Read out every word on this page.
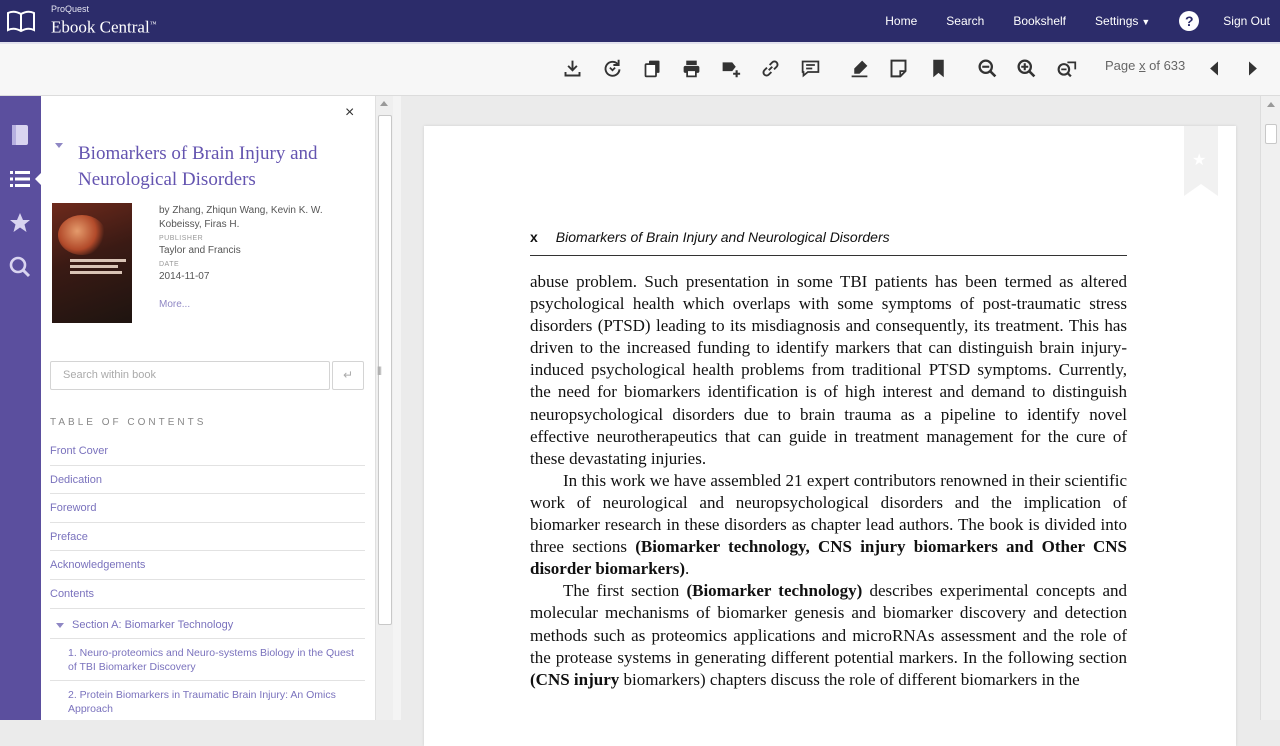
ProQuest
Ebook Central™	Home Search Bookshelf Settings ▼	?	Sign Out
Page x of 633
×
Biomarkers of Brain Injury and Neurological Disorders
by Zhang, Zhiqun Wang, Kevin K. W. Kobeissy, Firas H.
PUBLISHER
Taylor and Francis
DATE
2014-11-07
More...
Search within book	↵
TABLE OF CONTENTS
Front Cover
Dedication
Foreword
Preface
Acknowledgements
Contents
Section A: Biomarker Technology
1. Neuro-proteomics and Neuro-systems Biology in the Quest of TBI Biomarker Discovery
2. Protein Biomarkers in Traumatic Brain Injury: An Omics Approach
|||
★
x Biomarkers of Brain Injury and Neurological Disorders

abuse problem. Such presentation in some TBI patients has been termed as altered psychological health which overlaps with some symptoms of post-traumatic stress disorders (PTSD) leading to its misdiagnosis and consequently, its treatment. This has driven to the increased funding to identify markers that can distinguish brain injury-induced psychological health problems from traditional PTSD symptoms. Currently, the need for biomarkers identification is of high interest and demand to distinguish neuropsychological disorders due to brain trauma as a pipeline to identify novel effective neurotherapeutics that can guide in treatment management for the cure of these devastating injuries.

In this work we have assembled 21 expert contributors renowned in their scientific work of neurological and neuropsychological disorders and the implication of biomarker research in these disorders as chapter lead authors. The book is divided into three sections (Biomarker technology, CNS injury biomarkers and Other CNS disorder biomarkers).

The first section (Biomarker technology) describes experimental concepts and molecular mechanisms of biomarker genesis and biomarker discovery and detection methods such as proteomics applications and microRNAs assessment and the role of the protease systems in generating different potential markers. In the following section (CNS injury biomarkers) chapters discuss the role of different biomarkers in the
